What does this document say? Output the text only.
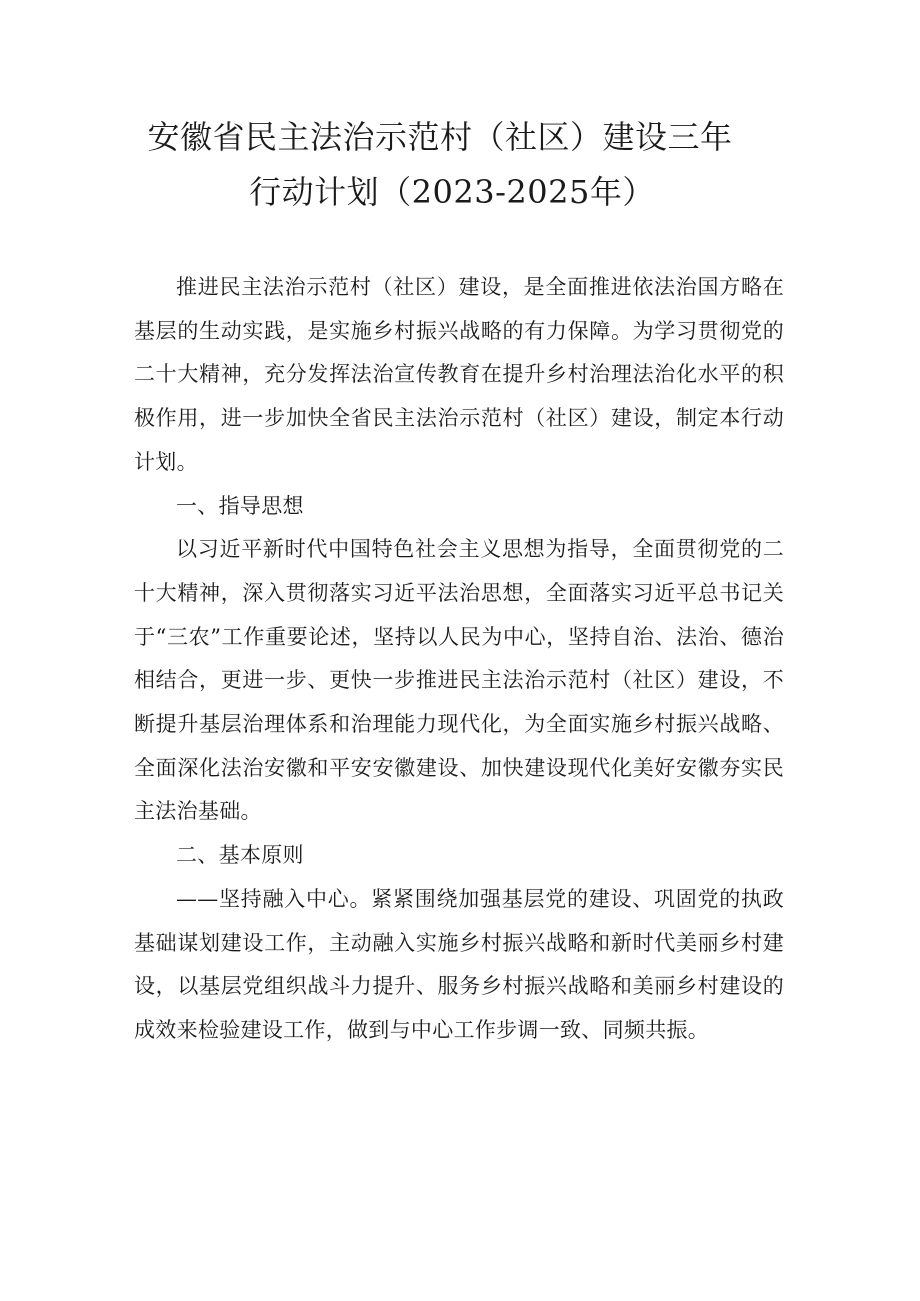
安徽省民主法治示范村（社区）建设三年
行动计划（2023-2025年）

推进民主法治示范村（社区）建设，是全面推进依法治国方略在基层的生动实践，是实施乡村振兴战略的有力保障。为学习贯彻党的二十大精神，充分发挥法治宣传教育在提升乡村治理法治化水平的积极作用，进一步加快全省民主法治示范村（社区）建设，制定本行动计划。

一、指导思想

以习近平新时代中国特色社会主义思想为指导，全面贯彻党的二十大精神，深入贯彻落实习近平法治思想，全面落实习近平总书记关于“三农”工作重要论述，坚持以人民为中心，坚持自治、法治、德治相结合，更进一步、更快一步推进民主法治示范村（社区）建设，不断提升基层治理体系和治理能力现代化，为全面实施乡村振兴战略、全面深化法治安徽和平安安徽建设、加快建设现代化美好安徽夯实民主法治基础。

二、基本原则

——坚持融入中心。紧紧围绕加强基层党的建设、巩固党的执政基础谋划建设工作，主动融入实施乡村振兴战略和新时代美丽乡村建设，以基层党组织战斗力提升、服务乡村振兴战略和美丽乡村建设的成效来检验建设工作，做到与中心工作步调一致、同频共振。
